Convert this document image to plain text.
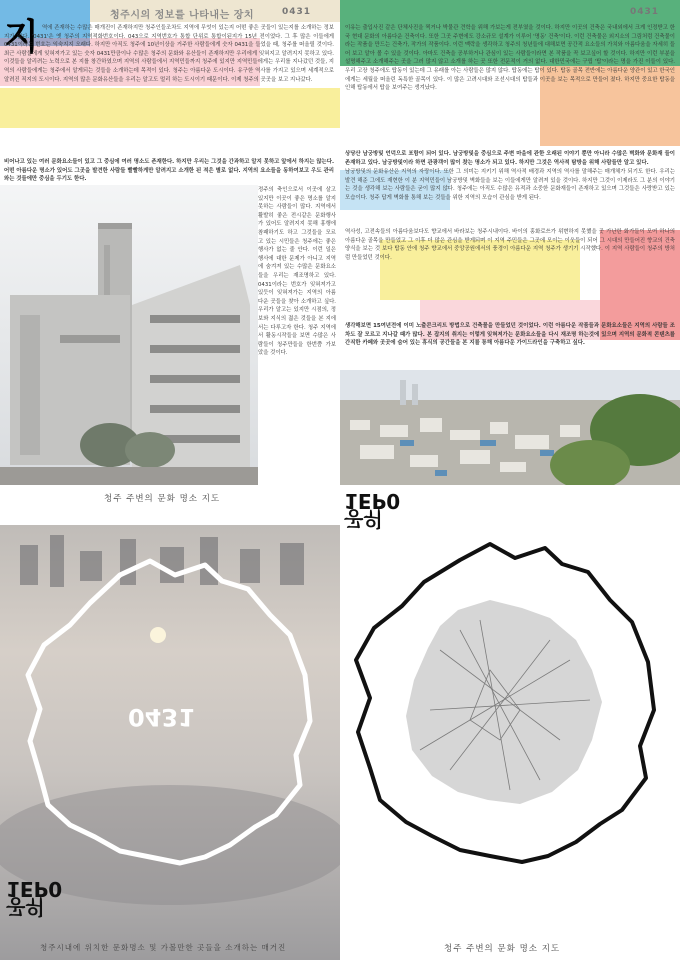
청주시의 정보를 나타내는 장치	0431	0431
지 역에 존재하는 수많은 매개진이 존재하지만 청주인들조차도 지역에 무엇이 있는지 어떤 좋은 곳들이 있는지를 소개하는 정보지가 없다. '0431'은 옛 청주의 지역적화번호이다. 043으로 지역번호가 통합 단위로 통합이된지가 15년 전이었다. 그 후 많은 이들에게 0431이라는 번호는 익숙지지 오래다. 하지만 아직도 청주에 10년이상을 거주한 사람들에게 숫자 0431을 들었을 때, 청주를 떠올릴 것이다. 최근 사람들에게 잊혀져가고 있는 숫자 0431만큼이나 수많은 청주의 문화와 유산들이 존재하지만 우리에게 잊혀지고 알려지지 못하고 있다. 이것들을 알리려는 노력으로 본 지를 창간하였으며 지역의 사람들에서 지역민들까지 청주에 있지만 지역민들에게는 우리를 지나갔던 것들, 지역의 사람들에게는 청주에서 알게되는 것들을 소개하는데 목적이 있다. 청주는 아름다운 도시이다. 유구한 역사를 가지고 있으며 세계적으로 알려진 직지의 도시이다. 지역의 많은 문화유산들을 우리는 알고도 멀리 하는 도시이기 때문이다. 이제 청주의 곳곳을 보고 지나갔다.
비어나고 있는 여러 문화요소들이 있고 그 중심에 여러 명소도 존재한다. 하지만 우리는 그것을 간과하고 알지 못하고 앞에서 하지는 않는다. 어떤 아름다운 명소가 있어도 그곳을 발견한 사람들 빨빨하게만 알려지고 소개한 된 적은 별로 없다. 지역의 요소들을 동하여보고 우도 관리와는 것들에만 중심을 두기도 한다.
정주의 축인으로서 이곳에 살고 있지만 이곳이 좋은 명소를 알지 못하는 사람들이 많다. 지역에서 활발히 좋은 전시같은 문화행사가 있어도 알려지지 못해 홍행에 참패하기도 하고 그것들을 모르고 있는 시민들은 청주에는 좋은 행사가 없는 줄 안다. 이런 일은 행사에 대한 문제가 아니고 지역에 숨겨져 있는 수많은 문화요소들을 우리는 재조명하고 있다. 0431이라는 번호가 잊혀져가고 있듯이 잊혀져가는 지역의 아름다운 곳들을 찾아 소개하고 싶다. 우리가 알고는 있지만 시점의, 정보와 지식의 젊은 것들을 본 지에서는 다루고자 한다. 청주 지역에서 활동시작들을 보면 수많은 사람들이 청주만들을 한번쯤 가보았을 것이다.
이유는 출입사진 같은 단체사진을 찍거나 박물관 견학을 위해 가보는게 전부였을 것이다. 하지만 이곳의 건축은 국내외에서 크게 인정받고 한국 현대 문화의 아름다운 건축이다. 또한 그곳 주변에도 강소규모 설계가 이루어 '명동' 건축'이다. 이런 건축물은 외지소의 그림처럼 건축물이라는 작품을 만드는 건축가, 작가의 작품이다. 이런 맥락을 생각하고 청주의 청년들에 대해보면 공간적 요소들의 가치와 아름다움을 자세히 들어 보고 알아 볼 수 있을 것이다. 아마도 건축을 공부하거나 관심이 있는 사람들이라면 본 작품을 꼭 보고싶어 할 것이다. 하지만 이런 부분을 설명해주고 소개해주는 곳을 그러 많지 않고 소개를 하는 곳 또한 전문적이 거의 없다. 대한민국에는 구립 '탑'이라는 명을 가진 이들이 있다. 우리 고장 청주에도 탑동이 있는데 그 유래를 아는 사람들은 많지 않다. 탑동에는 탑이 있다. 탑동 골목 전반에는 아름다운 양관이 있고 한국인에게는 세월을 떠올린 독특한 골목이 있다. 이 많은 고려시대와 조선시대의 탑들과 이곳을 보는 목적으로 만들어 졌다. 하지만 중요한 탑동을 인해 탑동에서 탑을 보여주는 생겨났다.
상당산 남궁방및 언덕으로 포함이 되어 있다. 남궁방및을 중심으로 주변 마을에 관한 오래된 이야기 뿐만 아니라 수많은 벽화와 문화재 들이 존재하고 있다. 남궁방및이라 하면 관광객이 많이 찾는 명소가 되고 있다. 하지만 그것은 역사적 탐방을 위해 사람들만 알고 있다.
남궁방및의 문화유산은 지역의 자랑이다. 또한 그 의미는 지키기 위해 역사적 배경과 지역의 역사를 말해주는 매개체가 되기도 한다. 우리는 발견 해준 그에도 재현한 이 분 지역민들이 남궁방및 벽화들을 보는 이들에게만 알려져 있을 것이다. 하지만 그것이 이제라도 그 분의 이야기는 것을 생각해 보는 사람들은 굳이 많지 않다. 청주에는 아직도 수많은 유적과 소중한 문화재들이 존재하고 있으며 그것들은 사랑받고 있는 모습이다. 청주 답게 벽화를 통해 보는 것들을 위한 지역의 모습이 관심을 받게 된다.
역사성, 고전속들의 아름다움보다도 향교에서 바라보는 청주시내이다. 바이의 홍화로쓰가 위변하지 못했을 곳 가난한 화가들이 모여 하나의 아름다운 골목을 만들었고 그 이후 더 많은 관심을 받게되며 이 지역 주민들은 그곳에 모이는 이웃들이 되어 그 시대의 만들어진 향교의 건축 양식을 보는 것 보다 탑동 안에 청주 향교에서 중앙공원에서의 풍경이 아름다운 지역 청주가 생기기 시작했다. 이 지역 사람들이 청주의 방처럼 만들었던 것이다.
생각해보면 15여년전에 이미 노출콘크리트 방법으로 건축물을 만들었던 것이었다. 이런 아름다운 작품들과 문화요소들은 지역의 사람들 조차도 잘 모르고 지나갈 때가 많다. 본 잡지의 취지는 이렇게 잊혀져가는 문화요소들을 다시 재조명 하는것에 있으며 지역의 문화적 콘텐츠를 간직한 카페와 곳곳에 숨어 있는 휴식의 공간들을 본 지를 통해 아름다운 가이드라인을 구축하고 싶다.
청주 주변의 문화 명소 지도
0431
공위
1EP0
청주시내에 위치한 문화명소 및 가볼만한 곳들을 소개하는 매거진
공위
1EP0
청주 주변의 문화 명소 지도
